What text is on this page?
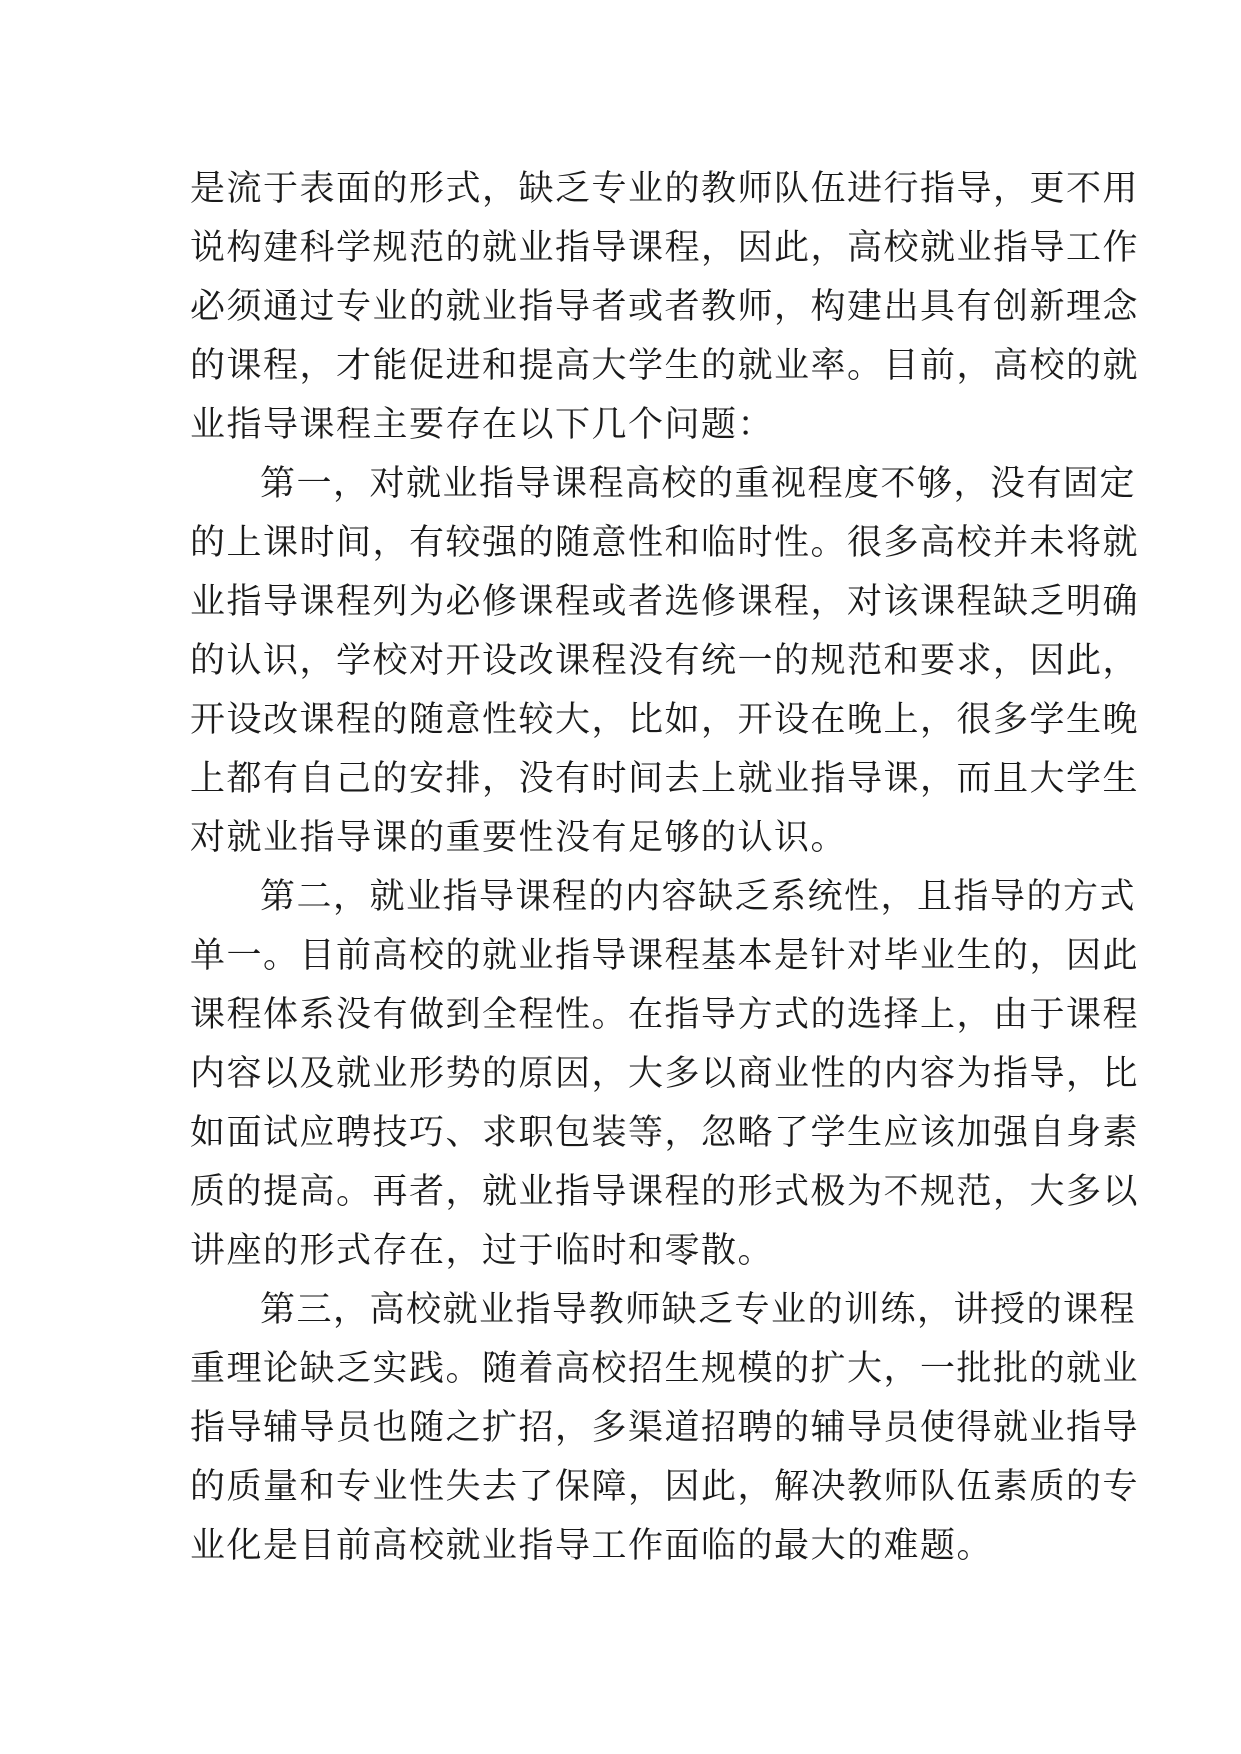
是流于表面的形式，缺乏专业的教师队伍进行指导，更不用
说构建科学规范的就业指导课程，因此，高校就业指导工作
必须通过专业的就业指导者或者教师，构建出具有创新理念
的课程，才能促进和提高大学生的就业率。目前，高校的就
业指导课程主要存在以下几个问题：
第一，对就业指导课程高校的重视程度不够，没有固定
的上课时间，有较强的随意性和临时性。很多高校并未将就
业指导课程列为必修课程或者选修课程，对该课程缺乏明确
的认识，学校对开设改课程没有统一的规范和要求，因此，
开设改课程的随意性较大，比如，开设在晚上，很多学生晚
上都有自己的安排，没有时间去上就业指导课，而且大学生
对就业指导课的重要性没有足够的认识。
第二，就业指导课程的内容缺乏系统性，且指导的方式
单一。目前高校的就业指导课程基本是针对毕业生的，因此
课程体系没有做到全程性。在指导方式的选择上，由于课程
内容以及就业形势的原因，大多以商业性的内容为指导，比
如面试应聘技巧、求职包装等，忽略了学生应该加强自身素
质的提高。再者，就业指导课程的形式极为不规范，大多以
讲座的形式存在，过于临时和零散。
第三，高校就业指导教师缺乏专业的训练，讲授的课程
重理论缺乏实践。随着高校招生规模的扩大，一批批的就业
指导辅导员也随之扩招，多渠道招聘的辅导员使得就业指导
的质量和专业性失去了保障，因此，解决教师队伍素质的专
业化是目前高校就业指导工作面临的最大的难题。
